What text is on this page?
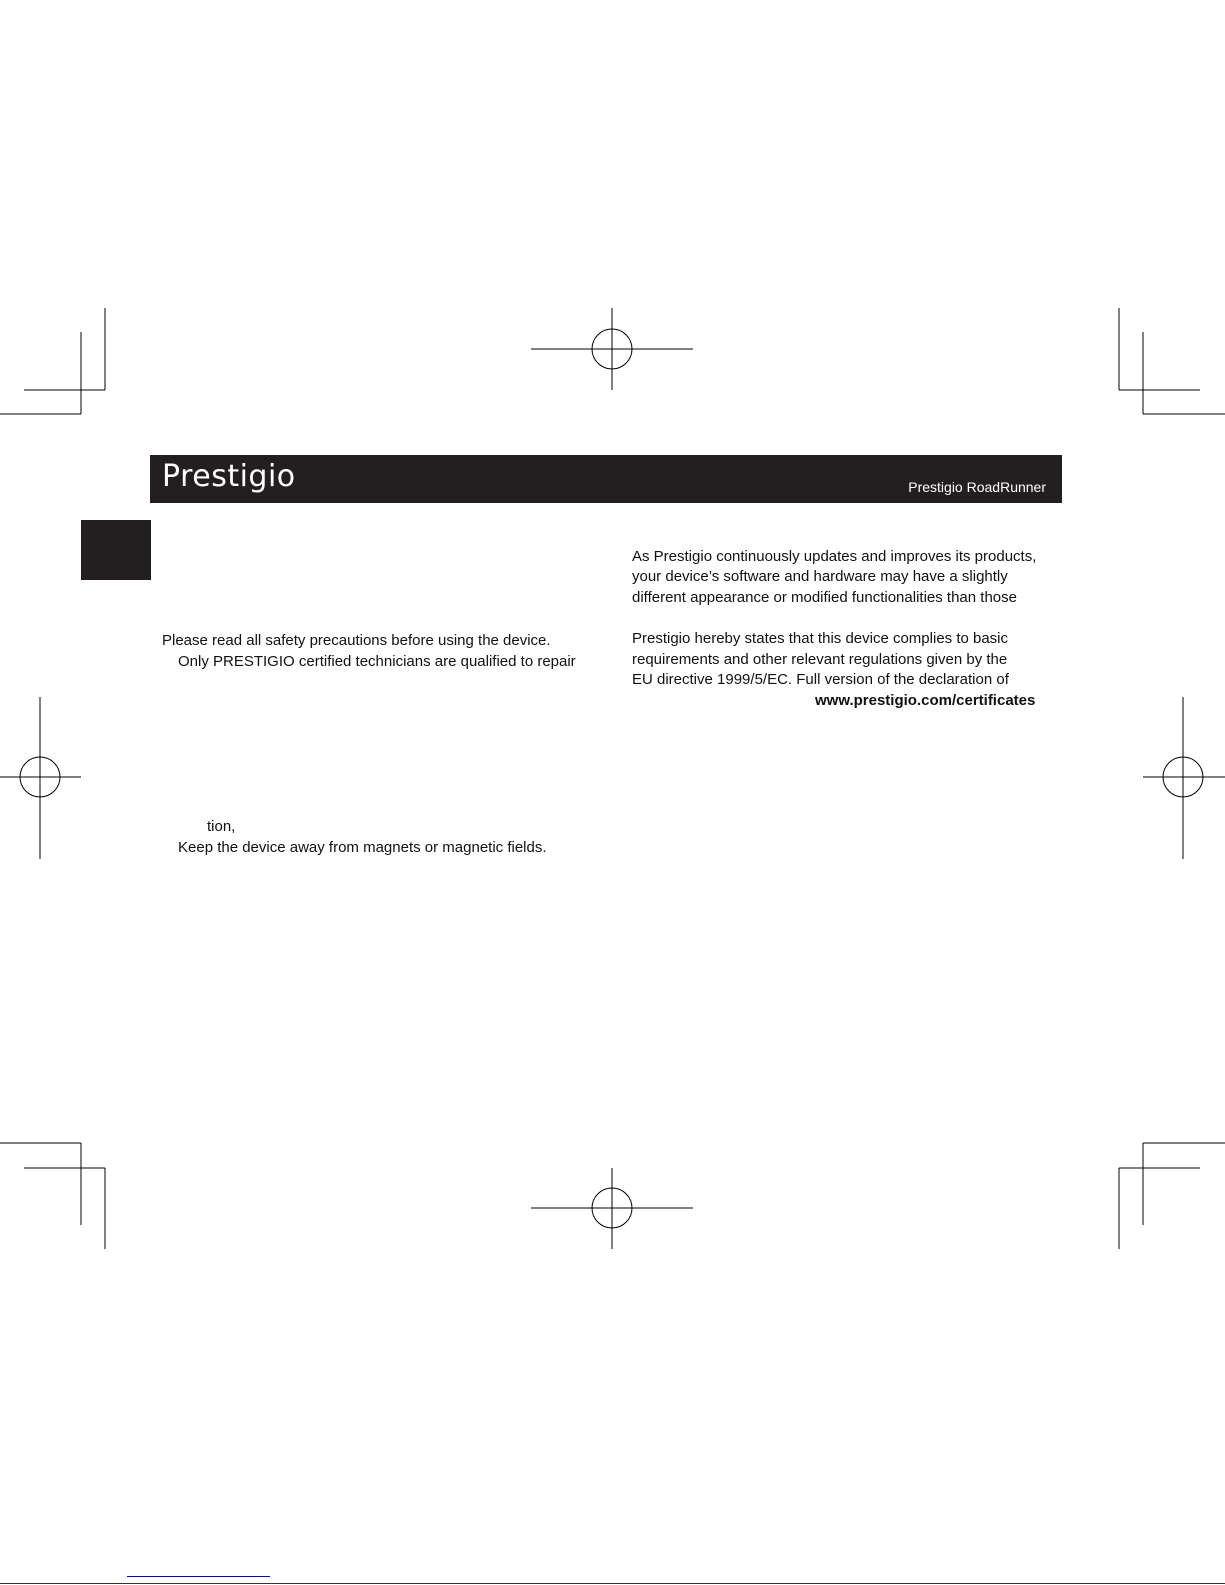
Prestigio	Prestigio RoadRunner
Please read all safety precautions before using the device.
Only PRESTIGIO certified technicians are qualified to repair
tion,
Keep the device away from magnets or magnetic fields.
As Prestigio continuously updates and improves its products,
your device’s software and hardware may have a slightly
different appearance or modified functionalities than those
Prestigio hereby states that this device complies to basic
requirements and other relevant regulations given by the
EU directive 1999/5/EC. Full version of the declaration of
www.prestigio.com/certificates
